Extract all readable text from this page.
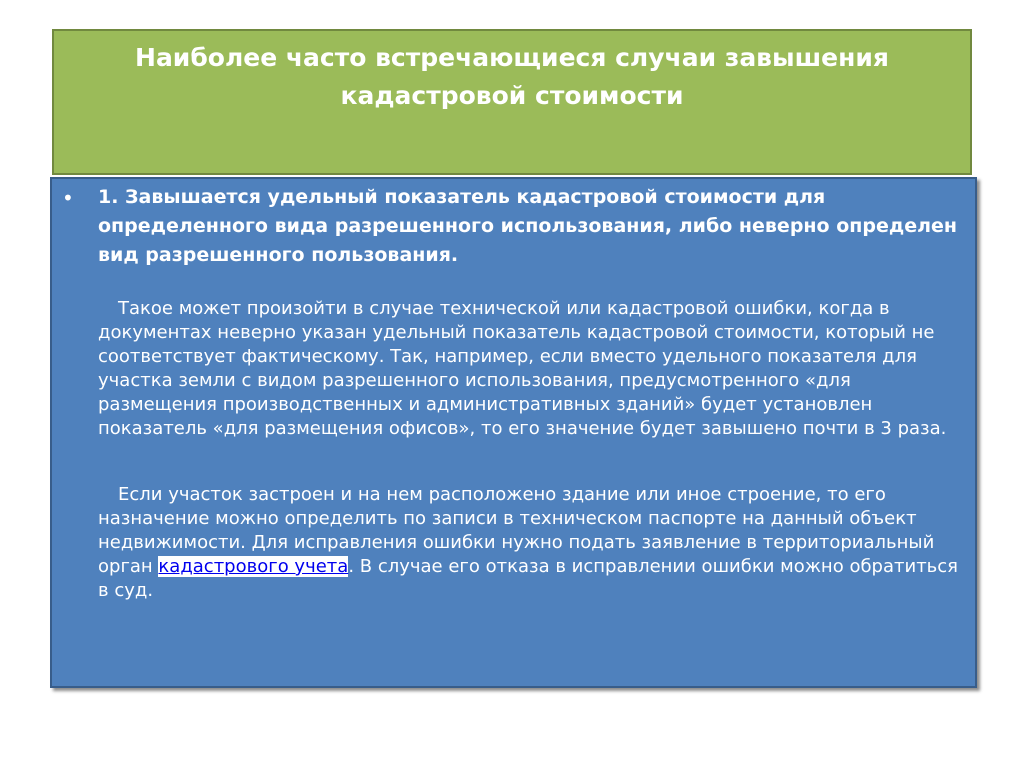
Наиболее часто встречающиеся случаи завышения
кадастровой стоимости
• 1. Завышается удельный показатель кадастровой стоимости для определенного вида разрешенного использования, либо неверно определен вид разрешенного пользования.
Такое может произойти в случае технической или кадастровой ошибки, когда в документах неверно указан удельный показатель кадастровой стоимости, который не соответствует фактическому. Так, например, если вместо удельного показателя для участка земли с видом разрешенного использования, предусмотренного «для размещения производственных и административных зданий» будет установлен показатель «для размещения офисов», то его значение будет завышено почти в 3 раза.
Если участок застроен и на нем расположено здание или иное строение, то его назначение можно определить по записи в техническом паспорте на данный объект недвижимости. Для исправления ошибки нужно подать заявление в территориальный орган кадастрового учета. В случае его отказа в исправлении ошибки можно обратиться в суд.
